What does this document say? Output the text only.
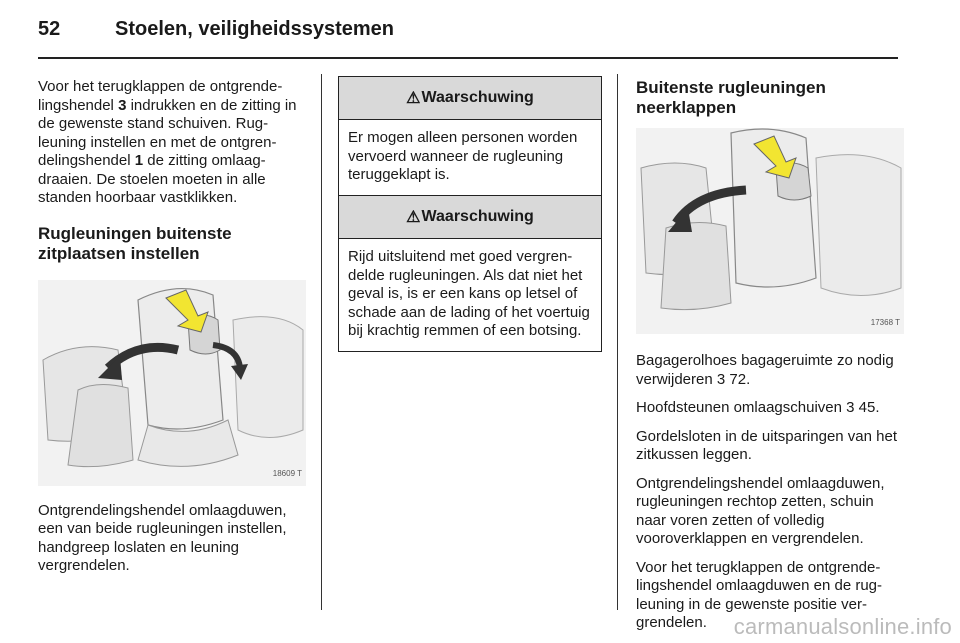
52	Stoelen, veiligheidssystemen

Voor het terugklappen de ontgrendelingshendel 3 indrukken en de zitting in de gewenste stand schuiven. Rugleuning instellen en met de ontgrendelingshendel 1 de zitting omlaagdraaien. De stoelen moeten in alle standen hoorbaar vastklikken.

Rugleuningen buitenste zitplaatsen instellen
18609 T

Ontgrendelingshendel omlaagduwen, een van beide rugleuningen instellen, handgreep loslaten en leuning vergrendelen.

⚠ Waarschuwing
Er mogen alleen personen worden vervoerd wanneer de rugleuning teruggeklapt is.
⚠ Waarschuwing
Rijd uitsluitend met goed vergrendelde rugleuningen. Als dat niet het geval is, is er een kans op letsel of schade aan de lading of het voertuig bij krachtig remmen of een botsing.
Buitenste rugleuningen neerklappen
17368 T

Bagagerolhoes bagageruimte zo nodig verwijderen 3 72.

Hoofdsteunen omlaagschuiven 3 45.

Gordelsloten in de uitsparingen van het zitkussen leggen.

Ontgrendelingshendel omlaagduwen, rugleuningen rechtop zetten, schuin naar voren zetten of volledig vooroverklappen en vergrendelen.

Voor het terugklappen de ontgrendelingshendel omlaagduwen en de rugleuning in de gewenste positie vergrendelen.	carmanualsonline.info
